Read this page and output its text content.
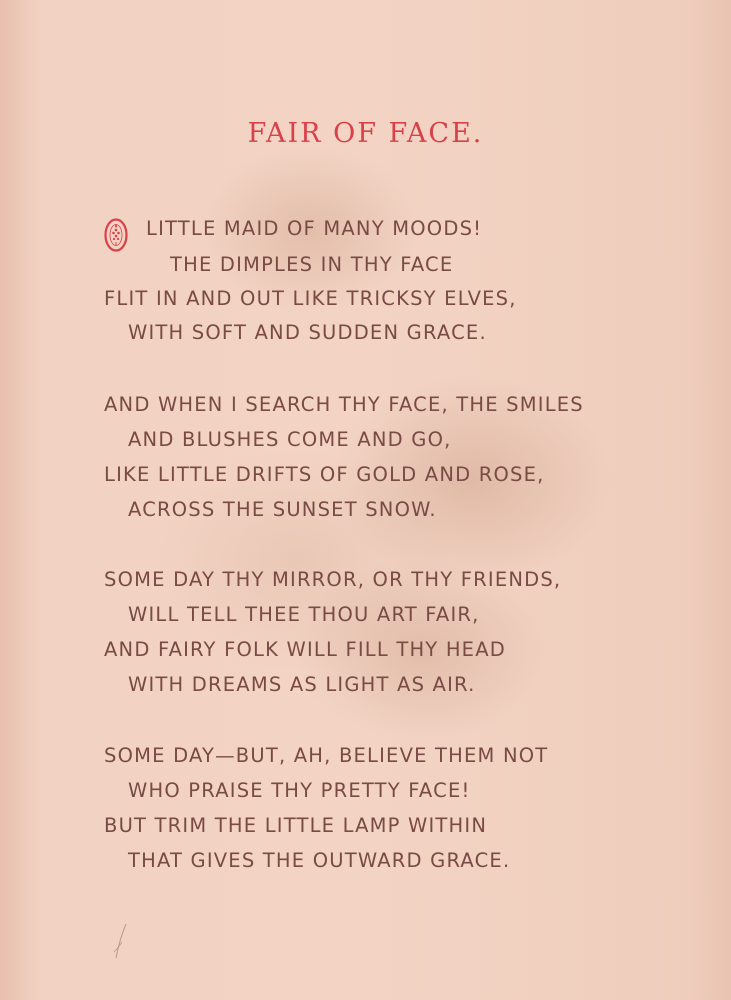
FAIR OF FACE.
LITTLE MAID OF MANY MOODS!
THE DIMPLES IN THY FACE
FLIT IN AND OUT LIKE TRICKSY ELVES,
WITH SOFT AND SUDDEN GRACE.
AND WHEN I SEARCH THY FACE, THE SMILES
AND BLUSHES COME AND GO,
LIKE LITTLE DRIFTS OF GOLD AND ROSE,
ACROSS THE SUNSET SNOW.
SOME DAY THY MIRROR, OR THY FRIENDS,
WILL TELL THEE THOU ART FAIR,
AND FAIRY FOLK WILL FILL THY HEAD
WITH DREAMS AS LIGHT AS AIR.
SOME DAY—BUT, AH, BELIEVE THEM NOT
WHO PRAISE THY PRETTY FACE!
BUT TRIM THE LITTLE LAMP WITHIN
THAT GIVES THE OUTWARD GRACE.
